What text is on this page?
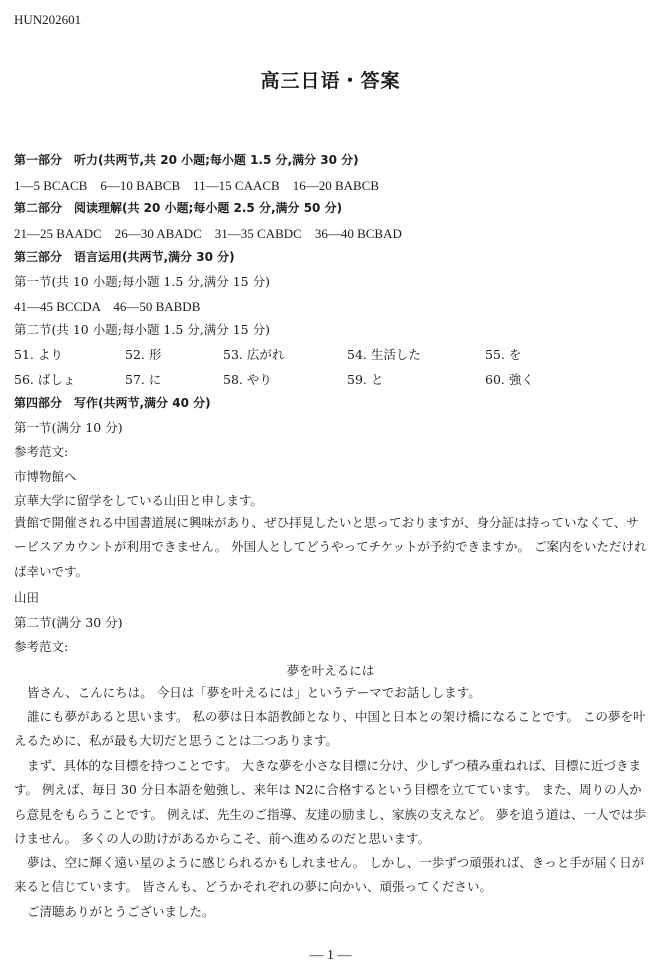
HUN202601
高三日语・答案
第一部分　听力(共两节,共 20 小题;每小题 1.5 分,满分 30 分)
1—5 BCACB　6—10 BABCB　11—15 CAACB　16—20 BABCB
第二部分　阅读理解(共 20 小题;每小题 2.5 分,满分 50 分)
21—25 BAADC　26—30 ABADC　31—35 CABDC　36—40 BCBAD
第三部分　语言运用(共两节,满分 30 分)
第一节(共 10 小题;每小题 1.5 分,满分 15 分)
41—45 BCCDA　46—50 BABDB
第二节(共 10 小题;每小题 1.5 分,满分 15 分)
51. より	52. 形	53. 広がれ	54. 生活した	55. を
56. ばしょ	57. に	58. やり	59. と	60. 強く
第四部分　写作(共两节,满分 40 分)
第一节(满分 10 分)
参考范文:
市博物館へ
京華大学に留学をしている山田と申します。
貴館で開催される中国書道展に興味があり、ぜひ拝見したいと思っておりますが、身分証は持っていなくて、サービスアカウントが利用できません。 外国人としてどうやってチケットが予約できますか。 ご案内をいただければ幸いです。
山田
第二节(满分 30 分)
参考范文:
夢を叶えるには
皆さん、こんにちは。 今日は「夢を叶えるには」というテーマでお話しします。
誰にも夢があると思います。 私の夢は日本語教師となり、中国と日本との架け橋になることです。 この夢を叶えるために、私が最も大切だと思うことは二つあります。
まず、具体的な目標を持つことです。 大きな夢を小さな目標に分け、少しずつ積み重ねれば、目標に近づきます。 例えば、毎日 30 分日本語を勉強し、来年は N2に合格するという目標を立てています。 また、周りの人から意見をもらうことです。 例えば、先生のご指導、友達の励まし、家族の支えなど。 夢を追う道は、一人では歩けません。 多くの人の助けがあるからこそ、前へ進めるのだと思います。
夢は、空に輝く遠い星のように感じられるかもしれません。 しかし、一歩ずつ頑張れば、きっと手が届く日が来ると信じています。 皆さんも、どうかそれぞれの夢に向かい、頑張ってください。
ご清聴ありがとうございました。
— 1 —
